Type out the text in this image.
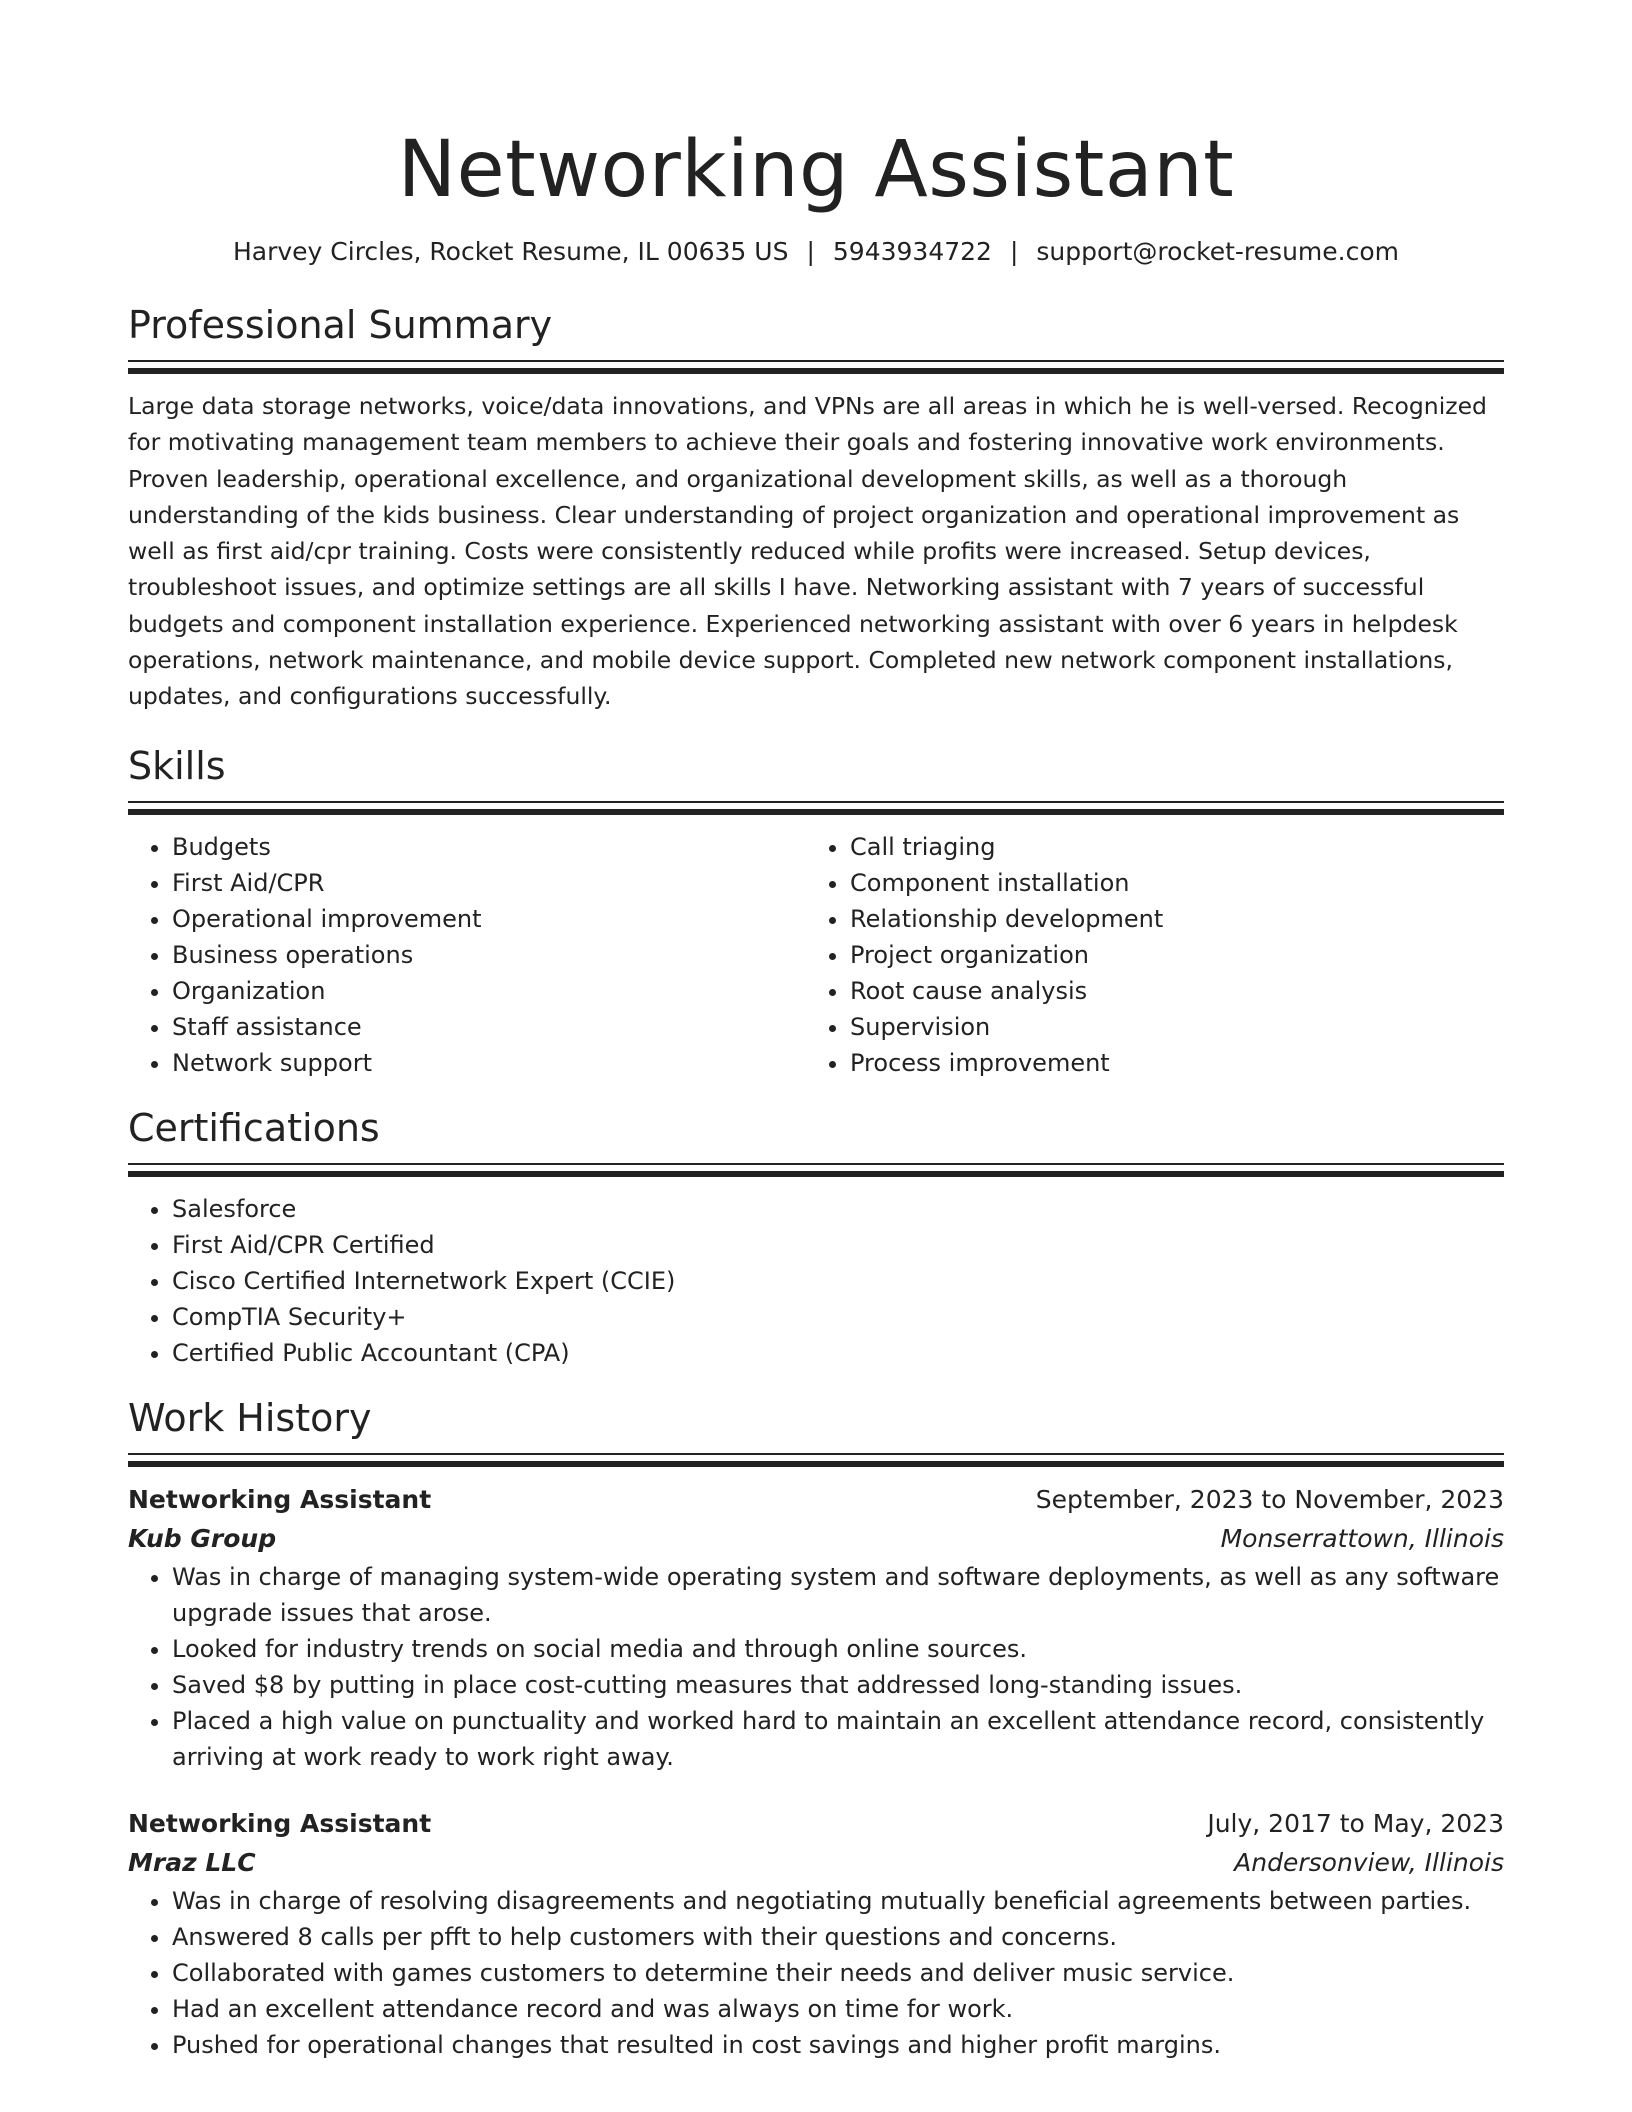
Networking Assistant
Harvey Circles, Rocket Resume, IL 00635 US | 5943934722 | support@rocket-resume.com
Professional Summary

Large data storage networks, voice/data innovations, and VPNs are all areas in which he is well-versed. Recognized for motivating management team members to achieve their goals and fostering innovative work environments. Proven leadership, operational excellence, and organizational development skills, as well as a thorough understanding of the kids business. Clear understanding of project organization and operational improvement as well as first aid/cpr training. Costs were consistently reduced while profits were increased. Setup devices, troubleshoot issues, and optimize settings are all skills I have. Networking assistant with 7 years of successful budgets and component installation experience. Experienced networking assistant with over 6 years in helpdesk operations, network maintenance, and mobile device support. Completed new network component installations, updates, and configurations successfully.

Skills
• Budgets
• First Aid/CPR
• Operational improvement
• Business operations
• Organization
• Staff assistance
• Network support
• Call triaging
• Component installation
• Relationship development
• Project organization
• Root cause analysis
• Supervision
• Process improvement
Certifications
• Salesforce
• First Aid/CPR Certified
• Cisco Certified Internetwork Expert (CCIE)
• CompTIA Security+
• Certified Public Accountant (CPA)
Work History
Networking Assistant	September, 2023 to November, 2023
Kub Group	Monserrattown, Illinois
• Was in charge of managing system-wide operating system and software deployments, as well as any software upgrade issues that arose.
• Looked for industry trends on social media and through online sources.
• Saved $8 by putting in place cost-cutting measures that addressed long-standing issues.
• Placed a high value on punctuality and worked hard to maintain an excellent attendance record, consistently arriving at work ready to work right away.
Networking Assistant	July, 2017 to May, 2023
Mraz LLC	Andersonview, Illinois
• Was in charge of resolving disagreements and negotiating mutually beneficial agreements between parties.
• Answered 8 calls per pfft to help customers with their questions and concerns.
• Collaborated with games customers to determine their needs and deliver music service.
• Had an excellent attendance record and was always on time for work.
• Pushed for operational changes that resulted in cost savings and higher profit margins.
